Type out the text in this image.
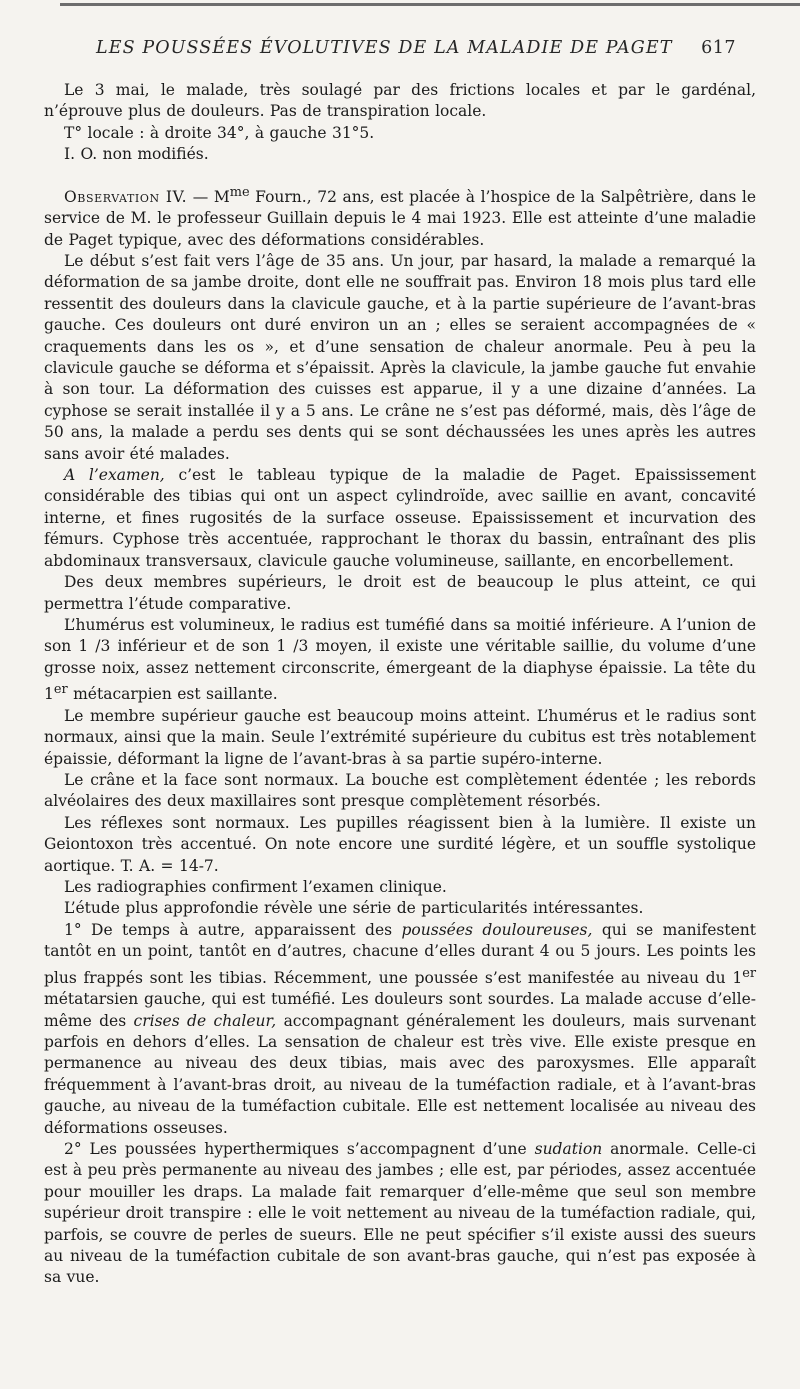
LES POUSSÉES ÉVOLUTIVES DE LA MALADIE DE PAGET 617

Le 3 mai, le malade, très soulagé par des frictions locales et par le gardénal, n’éprouve plus de douleurs. Pas de transpiration locale.

T° locale : à droite 34°, à gauche 31°5.

I. O. non modifiés.

Observation IV. — $M^{me}$ Fourn., 72 ans, est placée à l’hospice de la Salpêtrière, dans le service de M. le professeur Guillain depuis le 4 mai 1923. Elle est atteinte d’une maladie de Paget typique, avec des déformations considérables.

Le début s’est fait vers l’âge de 35 ans. Un jour, par hasard, la malade a remarqué la déformation de sa jambe droite, dont elle ne souffrait pas. Environ 18 mois plus tard elle ressentit des douleurs dans la clavicule gauche, et à la partie supérieure de l’avant-bras gauche. Ces douleurs ont duré environ un an ; elles se seraient accompagnées de « craquements dans les os », et d’une sensation de chaleur anormale. Peu à peu la clavicule gauche se déforma et s’épaissit. Après la clavicule, la jambe gauche fut envahie à son tour. La déformation des cuisses est apparue, il y a une dizaine d’années. La cyphose se serait installée il y a 5 ans. Le crâne ne s’est pas déformé, mais, dès l’âge de 50 ans, la malade a perdu ses dents qui se sont déchaussées les unes après les autres sans avoir été malades.

A l’examen, c’est le tableau typique de la maladie de Paget. Epaississement considérable des tibias qui ont un aspect cylindroïde, avec saillie en avant, concavité interne, et fines rugosités de la surface osseuse. Epaississement et incurvation des fémurs. Cyphose très accentuée, rapprochant le thorax du bassin, entraînant des plis abdominaux transversaux, clavicule gauche volumineuse, saillante, en encorbellement.

Des deux membres supérieurs, le droit est de beaucoup le plus atteint, ce qui permettra l’étude comparative.

L’humérus est volumineux, le radius est tuméfié dans sa moitié inférieure. A l’union de son 1 /3 inférieur et de son 1 /3 moyen, il existe une véritable saillie, du volume d’une grosse noix, assez nettement circonscrite, émergeant de la diaphyse épaissie. La tête du 1er métacarpien est saillante.

Le membre supérieur gauche est beaucoup moins atteint. L’humérus et le radius sont normaux, ainsi que la main. Seule l’extrémité supérieure du cubitus est très notablement épaissie, déformant la ligne de l’avant-bras à sa partie supéro-interne.

Le crâne et la face sont normaux. La bouche est complètement édentée ; les rebords alvéolaires des deux maxillaires sont presque complètement résorbés.

Les réflexes sont normaux. Les pupilles réagissent bien à la lumière. Il existe un Geiontoxon très accentué. On note encore une surdité légère, et un souffle systolique aortique. T. A. = 14-7.

Les radiographies confirment l’examen clinique.

L’étude plus approfondie révèle une série de particularités intéressantes.

1° De temps à autre, apparaissent des poussées douloureuses, qui se manifestent tantôt en un point, tantôt en d’autres, chacune d’elles durant 4 ou 5 jours. Les points les plus frappés sont les tibias. Récemment, une poussée s’est manifestée au niveau du 1er métatarsien gauche, qui est tuméfié. Les douleurs sont sourdes. La malade accuse d’elle-même des crises de chaleur, accompagnant généralement les douleurs, mais survenant parfois en dehors d’elles. La sensation de chaleur est très vive. Elle existe presque en permanence au niveau des deux tibias, mais avec des paroxysmes. Elle apparaît fréquemment à l’avant-bras droit, au niveau de la tuméfaction radiale, et à l’avant-bras gauche, au niveau de la tuméfaction cubitale. Elle est nettement localisée au niveau des déformations osseuses.

2° Les poussées hyperthermiques s’accompagnent d’une sudation anormale. Celle-ci est à peu près permanente au niveau des jambes ; elle est, par périodes, assez accentuée pour mouiller les draps. La malade fait remarquer d’elle-même que seul son membre supérieur droit transpire : elle le voit nettement au niveau de la tuméfaction radiale, qui, parfois, se couvre de perles de sueurs. Elle ne peut spécifier s’il existe aussi des sueurs au niveau de la tuméfaction cubitale de son avant-bras gauche, qui n’est pas exposée à sa vue.
